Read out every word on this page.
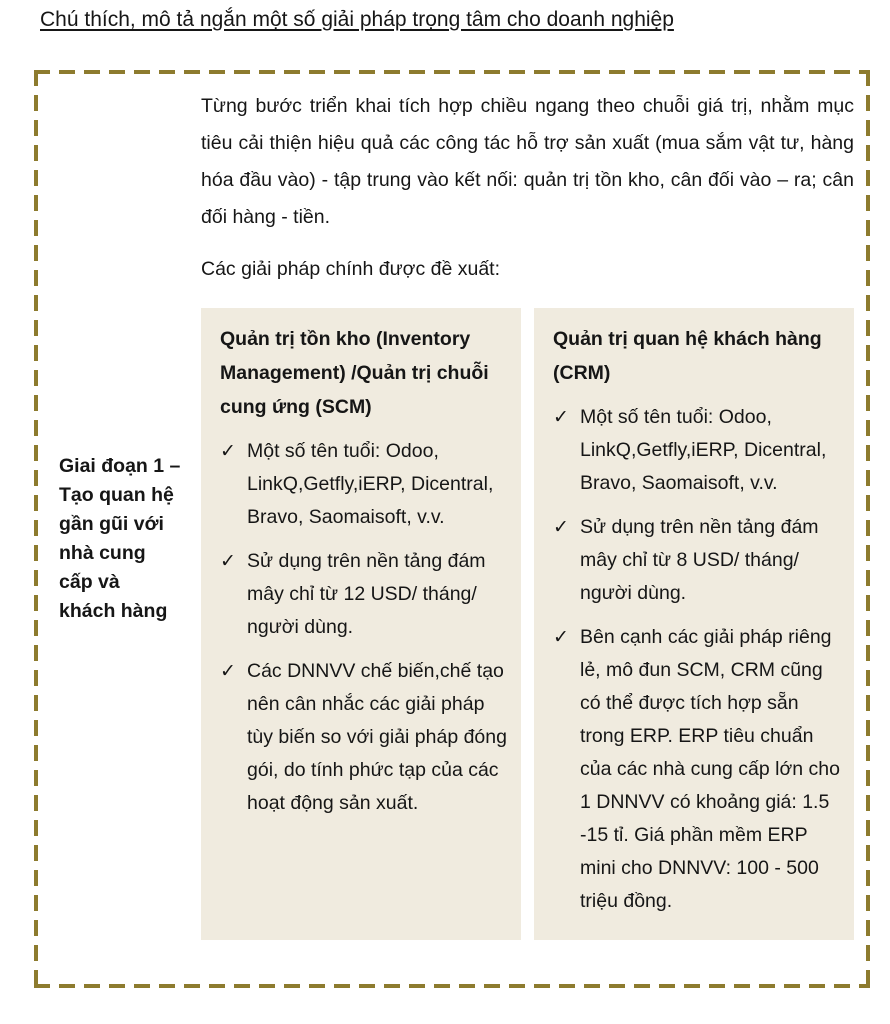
Chú thích, mô tả ngắn một số giải pháp trọng tâm cho doanh nghiệp
Giai đoạn 1 – Tạo quan hệ gần gũi với nhà cung cấp và khách hàng

Từng bước triển khai tích hợp chiều ngang theo chuỗi giá trị, nhằm mục tiêu cải thiện hiệu quả các công tác hỗ trợ sản xuất (mua sắm vật tư, hàng hóa đầu vào) - tập trung vào kết nối: quản trị tồn kho, cân đối vào – ra; cân đối hàng - tiền.

Các giải pháp chính được đề xuất:

Quản trị tồn kho (Inventory Management) /Quản trị chuỗi cung ứng (SCM)
✓ Một số tên tuổi: Odoo, LinkQ,Getfly,iERP, Dicentral, Bravo, Saomaisoft, v.v.
✓ Sử dụng trên nền tảng đám mây chỉ từ 12 USD/ tháng/ người dùng.
✓ Các DNNVV chế biến,chế tạo nên cân nhắc các giải pháp tùy biến so với giải pháp đóng gói, do tính phức tạp của các hoạt động sản xuất.
Quản trị quan hệ khách hàng (CRM)
✓ Một số tên tuổi: Odoo, LinkQ,Getfly,iERP, Dicentral, Bravo, Saomaisoft, v.v.
✓ Sử dụng trên nền tảng đám mây chỉ từ 8 USD/ tháng/ người dùng.
✓ Bên cạnh các giải pháp riêng lẻ, mô đun SCM, CRM cũng có thể được tích hợp sẵn trong ERP. ERP tiêu chuẩn của các nhà cung cấp lớn cho 1 DNNVV có khoảng giá: 1.5 -15 tỉ. Giá phần mềm ERP mini cho DNNVV: 100 - 500 triệu đồng.
